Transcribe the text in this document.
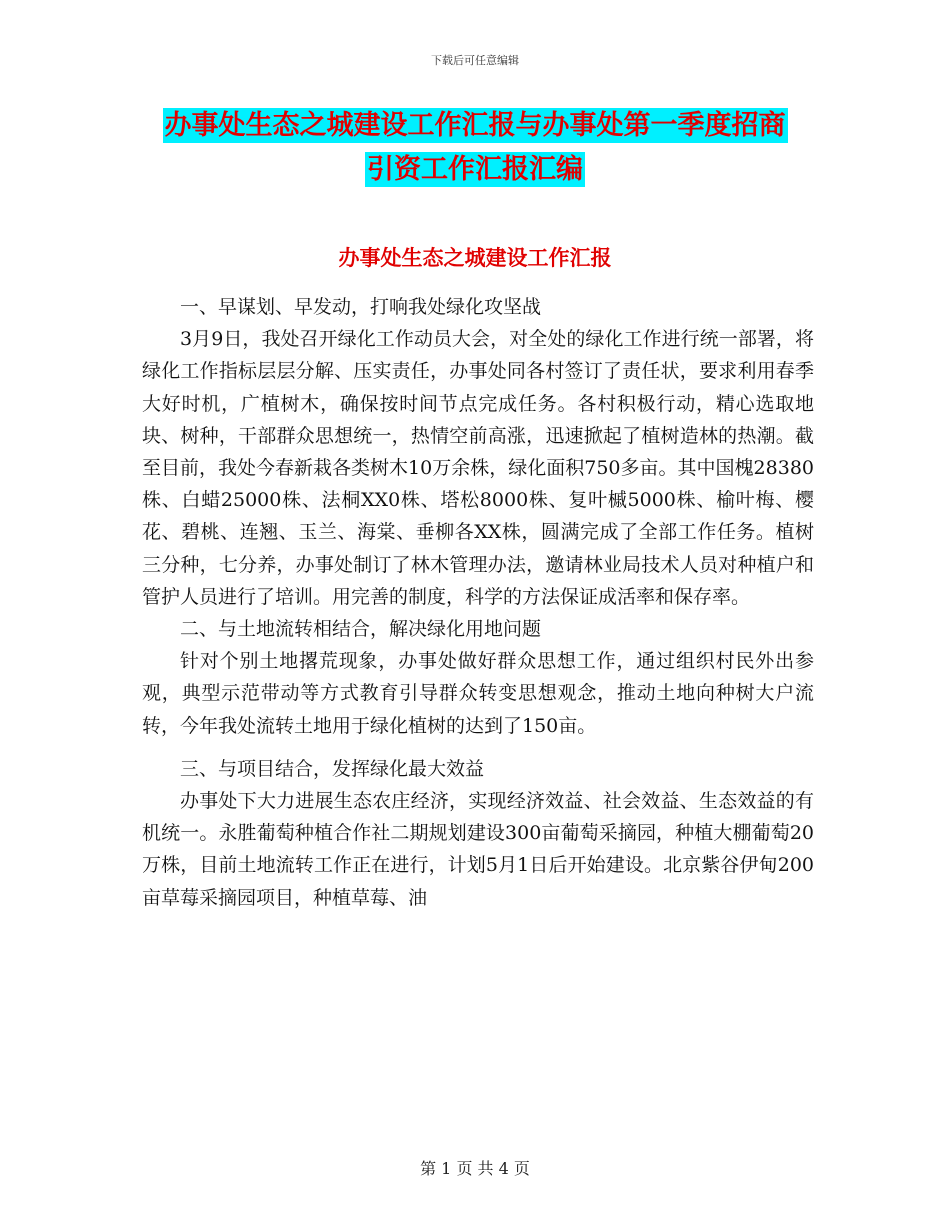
下载后可任意编辑
办事处生态之城建设工作汇报与办事处第一季度招商
引资工作汇报汇编
办事处生态之城建设工作汇报

一、早谋划、早发动，打响我处绿化攻坚战

3月9日，我处召开绿化工作动员大会，对全处的绿化工作进行统一部署，将绿化工作指标层层分解、压实责任，办事处同各村签订了责任状，要求利用春季大好时机，广植树木，确保按时间节点完成任务。各村积极行动，精心选取地块、树种，干部群众思想统一，热情空前高涨，迅速掀起了植树造林的热潮。截至目前，我处今春新栽各类树木10万余株，绿化面积750多亩。其中国槐28380株、白蜡25000株、法桐XX0株、塔松8000株、复叶槭5000株、榆叶梅、樱花、碧桃、连翘、玉兰、海棠、垂柳各XX株，圆满完成了全部工作任务。植树三分种，七分养，办事处制订了林木管理办法，邀请林业局技术人员对种植户和管护人员进行了培训。用完善的制度，科学的方法保证成活率和保存率。

二、与土地流转相结合，解决绿化用地问题

针对个别土地撂荒现象，办事处做好群众思想工作，通过组织村民外出参观，典型示范带动等方式教育引导群众转变思想观念，推动土地向种树大户流转，今年我处流转土地用于绿化植树的达到了150亩。

三、与项目结合，发挥绿化最大效益

办事处下大力进展生态农庄经济，实现经济效益、社会效益、生态效益的有机统一。永胜葡萄种植合作社二期规划建设300亩葡萄采摘园，种植大棚葡萄20万株，目前土地流转工作正在进行，计划5月1日后开始建设。北京紫谷伊甸200亩草莓采摘园项目，种植草莓、油

第 1 页 共 4 页
